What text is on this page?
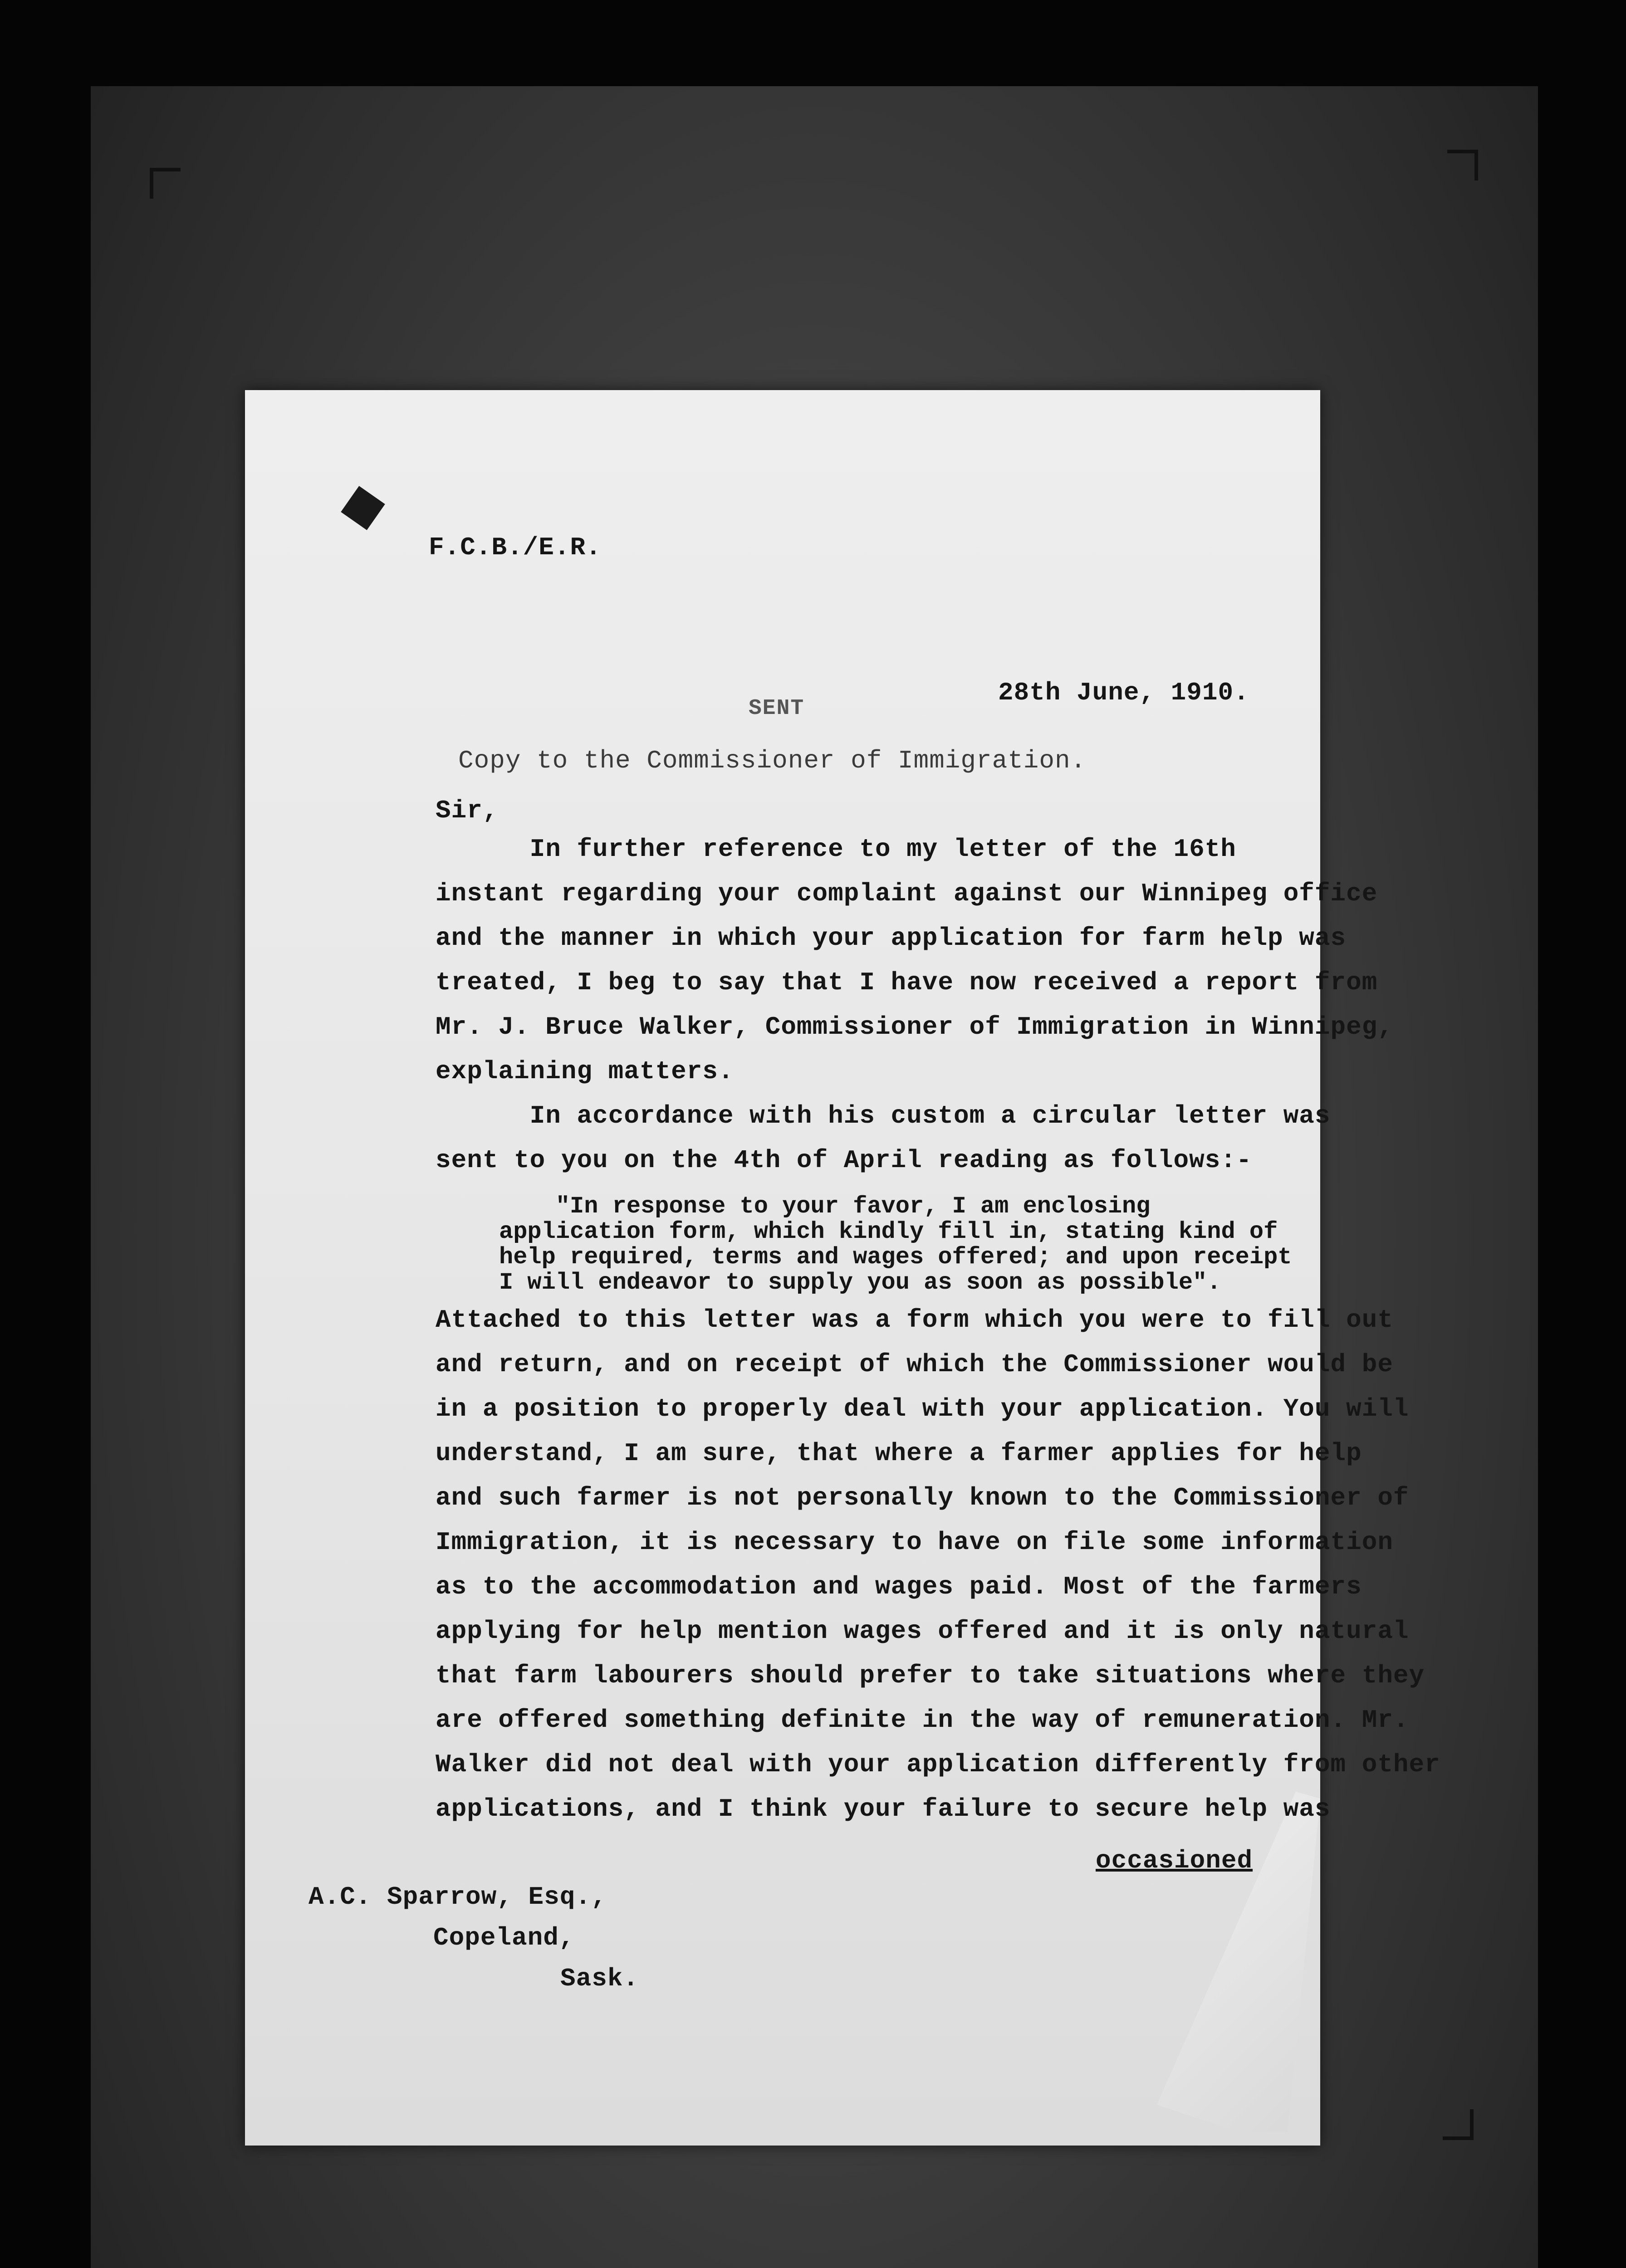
F.C.B./E.R.
28th June, 1910.
SENT
Copy to the Commissioner of Immigration.
Sir,
In further reference to my letter of the 16th
instant regarding your complaint against our Winnipeg office
and the manner in which your application for farm help was
treated, I beg to say that I have now received a report from
Mr. J. Bruce Walker, Commissioner of Immigration in Winnipeg,
explaining matters.
In accordance with his custom a circular letter was
sent to you on the 4th of April reading as follows:-
"In response to your favor, I am enclosing
application form, which kindly fill in, stating kind of
help required, terms and wages offered; and upon receipt
I will endeavor to supply you as soon as possible".
Attached to this letter was a form which you were to fill out
and return, and on receipt of which the Commissioner would be
in a position to properly deal with your application. You will
understand, I am sure, that where a farmer applies for help
and such farmer is not personally known to the Commissioner of
Immigration, it is necessary to have on file some information
as to the accommodation and wages paid. Most of the farmers
applying for help mention wages offered and it is only natural
that farm labourers should prefer to take situations where they
are offered something definite in the way of remuneration. Mr.
Walker did not deal with your application differently from other
applications, and I think your failure to secure help was
occasioned
A.C. Sparrow, Esq.,
Copeland,
Sask.
